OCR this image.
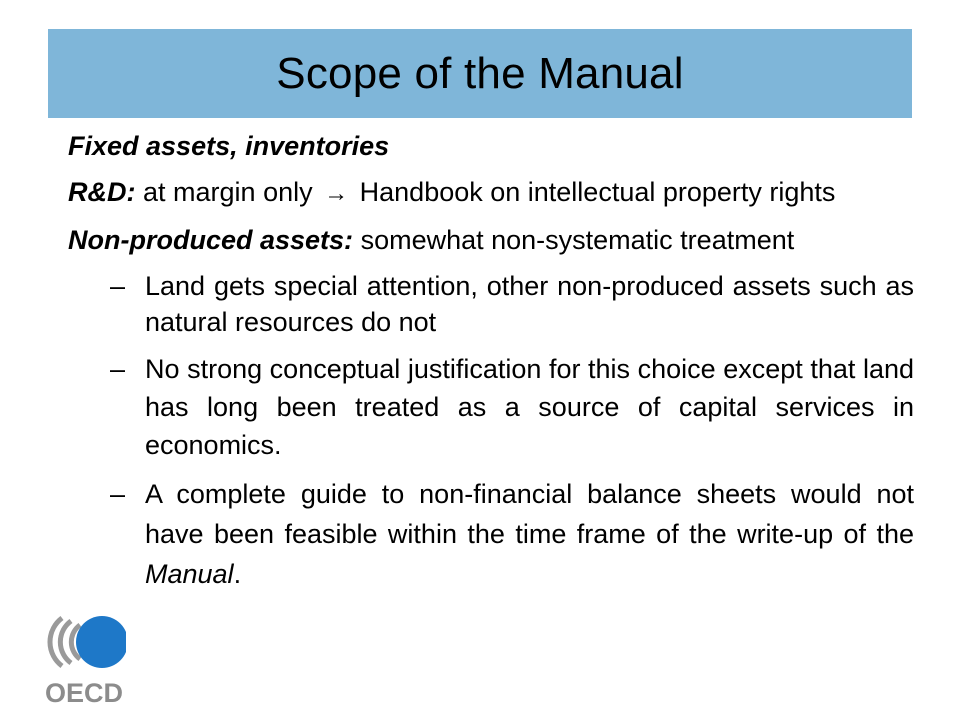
Scope of the Manual

Fixed assets, inventories

R&D: at margin only → Handbook on intellectual property rights

Non-produced assets: somewhat non-systematic treatment

– Land gets special attention, other non-produced assets such as natural resources do not

– No strong conceptual justification for this choice except that land has long been treated as a source of capital services in economics.

– A complete guide to non-financial balance sheets would not have been feasible within the time frame of the write-up of the Manual.

OECD
